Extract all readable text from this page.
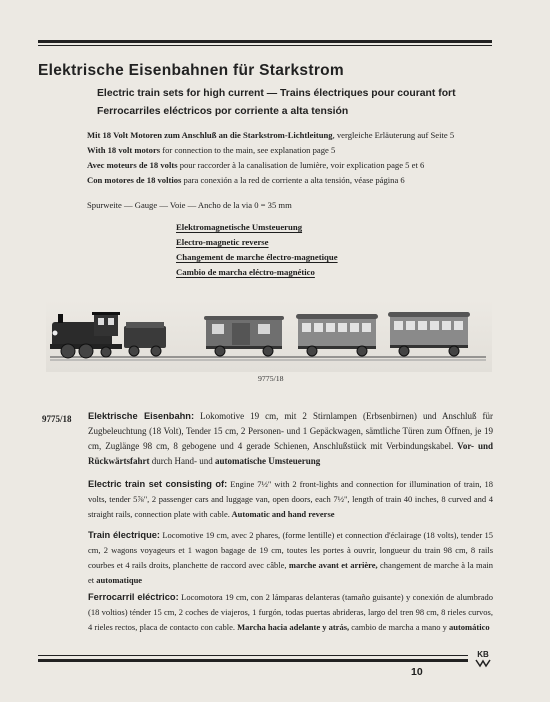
Elektrische Eisenbahnen für Starkstrom

Electric train sets for high current — Trains électriques pour courant fort

Ferrocarriles eléctricos por corriente a alta tensión

Mit 18 Volt Motoren zum Anschluß an die Starkstrom-Lichtleitung, vergleiche Erläuterung auf Seite 5

With 18 volt motors for connection to the main, see explanation page 5

Avec moteurs de 18 volts pour raccorder à la canalisation de lumière, voir explication page 5 et 6

Con motores de 18 voltios para conexión a la red de corriente a alta tensión, véase página 6

Spurweite — Gauge — Voie — Ancho de la via 0 = 35 mm

Elektromagnetische Umsteuerung

Electro-magnetic reverse

Changement de marche électro-magnetique

Cambio de marcha eléctro-magnético

9775/18

9775/18 Elektrische Eisenbahn: Lokomotive 19 cm, mit 2 Stirnlampen (Erbsenbirnen) und Anschluß für Zugbeleuchtung (18 Volt), Tender 15 cm, 2 Personen- und 1 Gepäckwagen, sämtliche Türen zum Öffnen, je 19 cm, Zuglänge 98 cm, 8 gebogene und 4 gerade Schienen, Anschlußstück mit Verbindungskabel. Vor- und Rückwärtsfahrt durch Hand- und automatische Umsteuerung

Electric train set consisting of: Engine 7½" with 2 front-lights and connection for illumination of train, 18 volts, tender 5⅞", 2 passenger cars and luggage van, open doors, each 7½", length of train 40 inches, 8 curved and 4 straight rails, connection plate with cable. Automatic and hand reverse

Train électrique: Locomotive 19 cm, avec 2 phares, (forme lentille) et connection d'éclairage (18 volts), tender 15 cm, 2 wagons voyageurs et 1 wagon bagage de 19 cm, toutes les portes à ouvrir, longueur du train 98 cm, 8 rails courbes et 4 rails droits, planchette de raccord avec câble, marche avant et arrière, changement de marche à la main et automatique

Ferrocarril eléctrico: Locomotora 19 cm, con 2 lámparas delanteras (tamaño guisante) y conexión de alumbrado (18 voltios) ténder 15 cm, 2 coches de viajeros, 1 furgón, todas puertas abrideras, largo del tren 98 cm, 8 rieles curvos, 4 rieles rectos, placa de contacto con cable. Marcha hacia adelante y atrás, cambio de marcha a mano y automático

KB

10
